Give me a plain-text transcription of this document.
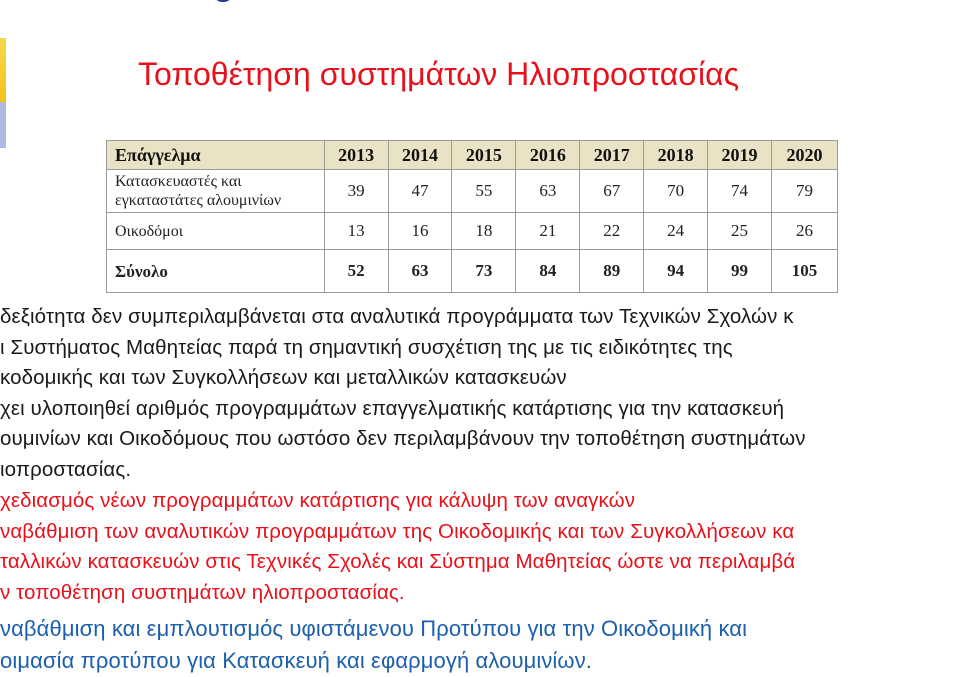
Τοποθέτηση συστημάτων Ηλιοπροστασίας
Επάγγελμα	2013	2014	2015	2016	2017	2018	2019	2020

Κατασκευαστές και
εγκαταστάτες αλουμινίων	39	47	55	63	67	70	74	79
Οικοδόμοι	13	16	18	21	22	24	25	26
Σύνολο	52	63	73	84	89	94	99	105
δεξιότητα δεν συμπεριλαμβάνεται στα αναλυτικά προγράμματα των Τεχνικών Σχολών κ
ι Συστήματος Μαθητείας παρά τη σημαντική συσχέτιση της με τις ειδικότητες της
κοδομικής και των Συγκολλήσεων και μεταλλικών κατασκευών
χει υλοποιηθεί αριθμός προγραμμάτων επαγγελματικής κατάρτισης για την κατασκευή
ουμινίων και Οικοδόμους που ωστόσο δεν περιλαμβάνουν την τοποθέτηση συστημάτων
ιοπροστασίας.
χεδιασμός νέων προγραμμάτων κατάρτισης για κάλυψη των αναγκών
ναβάθμιση των αναλυτικών προγραμμάτων της Οικοδομικής και των Συγκολλήσεων κα
ταλλικών κατασκευών στις Τεχνικές Σχολές και Σύστημα Μαθητείας ώστε να περιλαμβά
ν τοποθέτηση συστημάτων ηλιοπροστασίας.
ναβάθμιση και εμπλουτισμός υφιστάμενου Προτύπου για την Οικοδομική και
οιμασία προτύπου για Κατασκευή και εφαρμογή αλουμινίων.
